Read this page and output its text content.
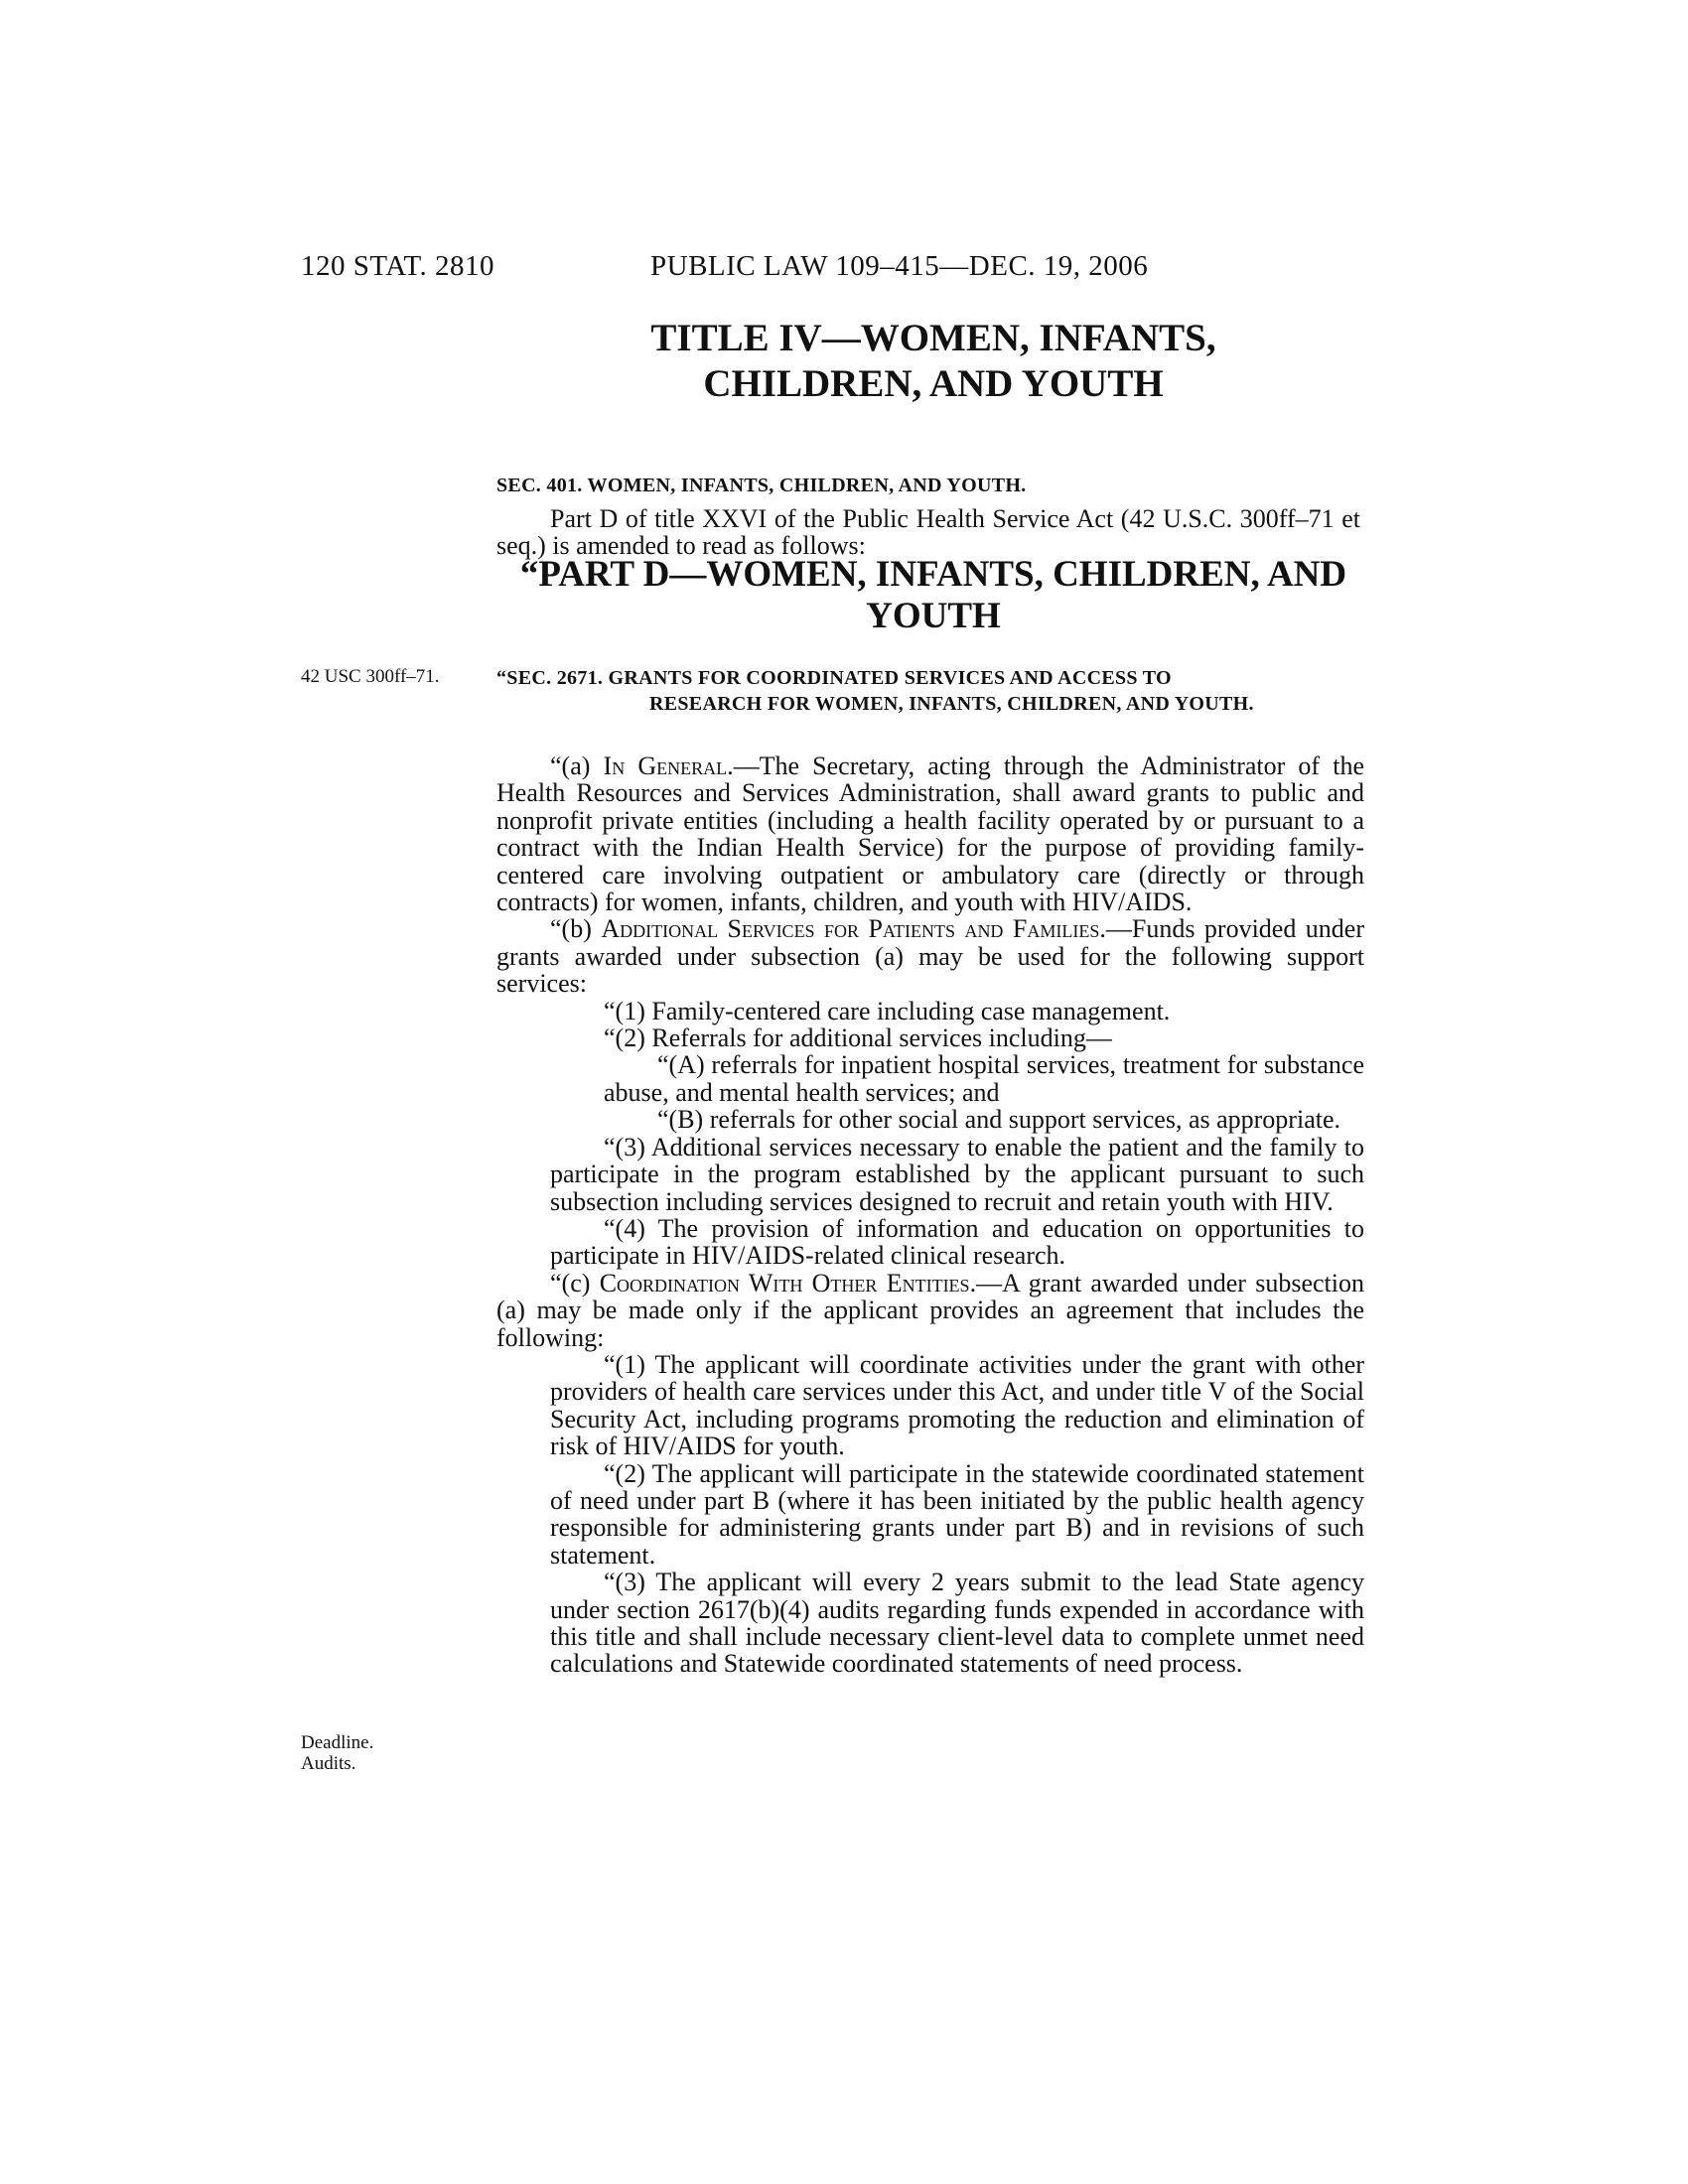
120 STAT. 2810	PUBLIC LAW 109–415—DEC. 19, 2006
TITLE IV—WOMEN, INFANTS,
CHILDREN, AND YOUTH
SEC. 401. WOMEN, INFANTS, CHILDREN, AND YOUTH.

Part D of title XXVI of the Public Health Service Act (42 U.S.C. 300ff–71 et seq.) is amended to read as follows:

“PART D—WOMEN, INFANTS, CHILDREN, AND
YOUTH
42 USC 300ff–71.
Deadline.
Audits.
“SEC. 2671. GRANTS FOR COORDINATED SERVICES AND ACCESS TO
RESEARCH FOR WOMEN, INFANTS, CHILDREN, AND YOUTH.

“(a) In General.—The Secretary, acting through the Administrator of the Health Resources and Services Administration, shall award grants to public and nonprofit private entities (including a health facility operated by or pursuant to a contract with the Indian Health Service) for the purpose of providing family-centered care involving outpatient or ambulatory care (directly or through contracts) for women, infants, children, and youth with HIV/AIDS.

“(b) Additional Services for Patients and Families.—Funds provided under grants awarded under subsection (a) may be used for the following support services:

“(1) Family-centered care including case management.

“(2) Referrals for additional services including—

“(A) referrals for inpatient hospital services, treatment for substance abuse, and mental health services; and

“(B) referrals for other social and support services, as appropriate.

“(3) Additional services necessary to enable the patient and the family to participate in the program established by the applicant pursuant to such subsection including services designed to recruit and retain youth with HIV.

“(4) The provision of information and education on opportunities to participate in HIV/AIDS-related clinical research.

“(c) Coordination With Other Entities.—A grant awarded under subsection (a) may be made only if the applicant provides an agreement that includes the following:

“(1) The applicant will coordinate activities under the grant with other providers of health care services under this Act, and under title V of the Social Security Act, including programs promoting the reduction and elimination of risk of HIV/AIDS for youth.

“(2) The applicant will participate in the statewide coordinated statement of need under part B (where it has been initiated by the public health agency responsible for administering grants under part B) and in revisions of such statement.

“(3) The applicant will every 2 years submit to the lead State agency under section 2617(b)(4) audits regarding funds expended in accordance with this title and shall include necessary client-level data to complete unmet need calculations and Statewide coordinated statements of need process.
